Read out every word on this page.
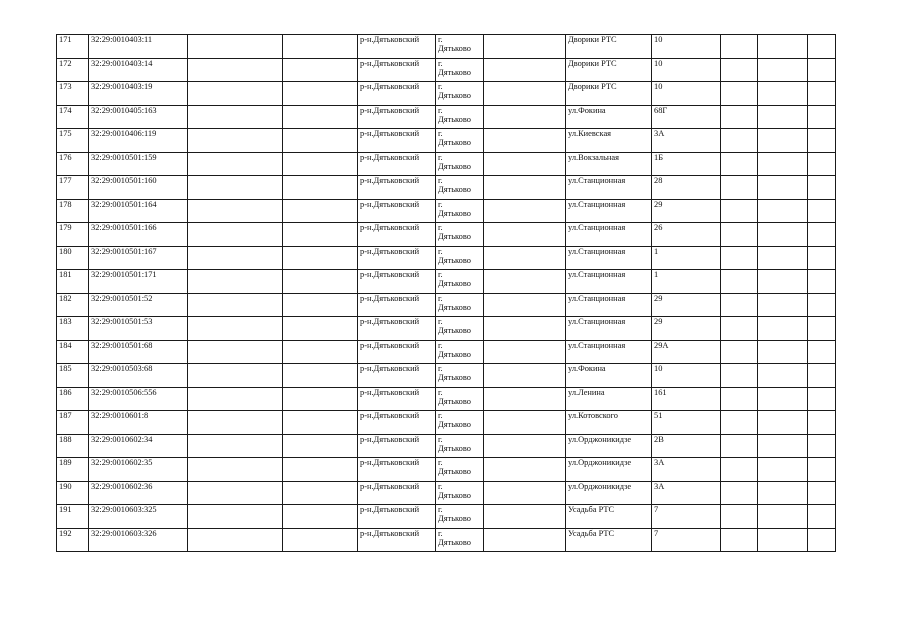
171	32:29:0010403:11			р-н.Дятьковский	г.
Дятьково		Дворики РТС	10			
172	32:29:0010403:14			р-н.Дятьковский	г.
Дятьково		Дворики РТС	10			
173	32:29:0010403:19			р-н.Дятьковский	г.
Дятьково		Дворики РТС	10			
174	32:29:0010405:163			р-н.Дятьковский	г.
Дятьково		ул.Фокина	68Г			
175	32:29:0010406:119			р-н.Дятьковский	г.
Дятьково		ул.Киевская	3А			
176	32:29:0010501:159			р-н.Дятьковский	г.
Дятьково		ул.Вокзальная	1Б			
177	32:29:0010501:160			р-н.Дятьковский	г.
Дятьково		ул.Станционная	28			
178	32:29:0010501:164			р-н.Дятьковский	г.
Дятьково		ул.Станционная	29			
179	32:29:0010501:166			р-н.Дятьковский	г.
Дятьково		ул.Станционная	26			
180	32:29:0010501:167			р-н.Дятьковский	г.
Дятьково		ул.Станционная	1			
181	32:29:0010501:171			р-н.Дятьковский	г.
Дятьково		ул.Станционная	1			
182	32:29:0010501:52			р-н.Дятьковский	г.
Дятьково		ул.Станционная	29			
183	32:29:0010501:53			р-н.Дятьковский	г.
Дятьково		ул.Станционная	29			
184	32:29:0010501:68			р-н.Дятьковский	г.
Дятьково		ул.Станционная	29А			
185	32:29:0010503:68			р-н.Дятьковский	г.
Дятьково		ул.Фокина	10			
186	32:29:0010506:556			р-н.Дятьковский	г.
Дятьково		ул.Ленина	161			
187	32:29:0010601:8			р-н.Дятьковский	г.
Дятьково		ул.Котовского	51			
188	32:29:0010602:34			р-н.Дятьковский	г.
Дятьково		ул.Орджоникидзе	2В			
189	32:29:0010602:35			р-н.Дятьковский	г.
Дятьково		ул.Орджоникидзе	3А			
190	32:29:0010602:36			р-н.Дятьковский	г.
Дятьково		ул.Орджоникидзе	3А			
191	32:29:0010603:325			р-н.Дятьковский	г.
Дятьково		Усадьба РТС	7			
192	32:29:0010603:326			р-н.Дятьковский	г.
Дятьково		Усадьба РТС	7			
